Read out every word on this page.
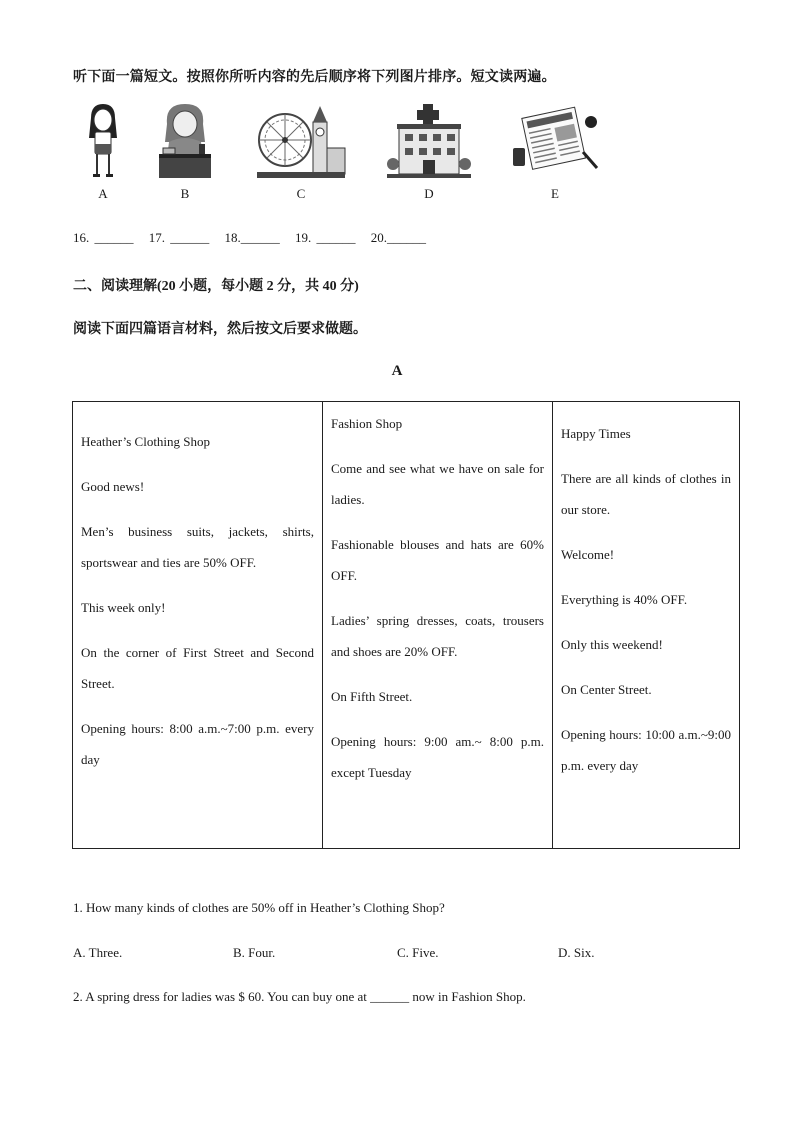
听下面一篇短文。按照你所听内容的先后顺序将下列图片排序。短文读两遍。
A	B	C	D	E
16. ______ 17. ______ 18.______ 19. ______ 20.______
二、阅读理解(20 小题，每小题 2 分，共 40 分)
阅读下面四篇语言材料，然后按文后要求做题。
A

Heather’s Clothing Shop

Good news!

Men’s business suits, jackets, shirts, sportswear and ties are 50% OFF.

This week only!

On the corner of First Street and Second Street.

Opening hours: 8:00 a.m.~7:00 p.m. every day

Fashion Shop

Come and see what we have on sale for ladies.

Fashionable blouses and hats are 60% OFF.

Ladies’ spring dresses, coats, trousers and shoes are 20% OFF.

On Fifth Street.

Opening hours: 9:00 am.~ 8:00 p.m. except Tuesday

Happy Times

There are all kinds of clothes in our store.

Welcome!

Everything is 40% OFF.

Only this weekend!

On Center Street.

Opening hours: 10:00 a.m.~9:00 p.m. every day

1. How many kinds of clothes are 50% off in Heather’s Clothing Shop?
A. Three.	B. Four.	C. Five.	D. Six.
2. A spring dress for ladies was $ 60. You can buy one at ______ now in Fashion Shop.
